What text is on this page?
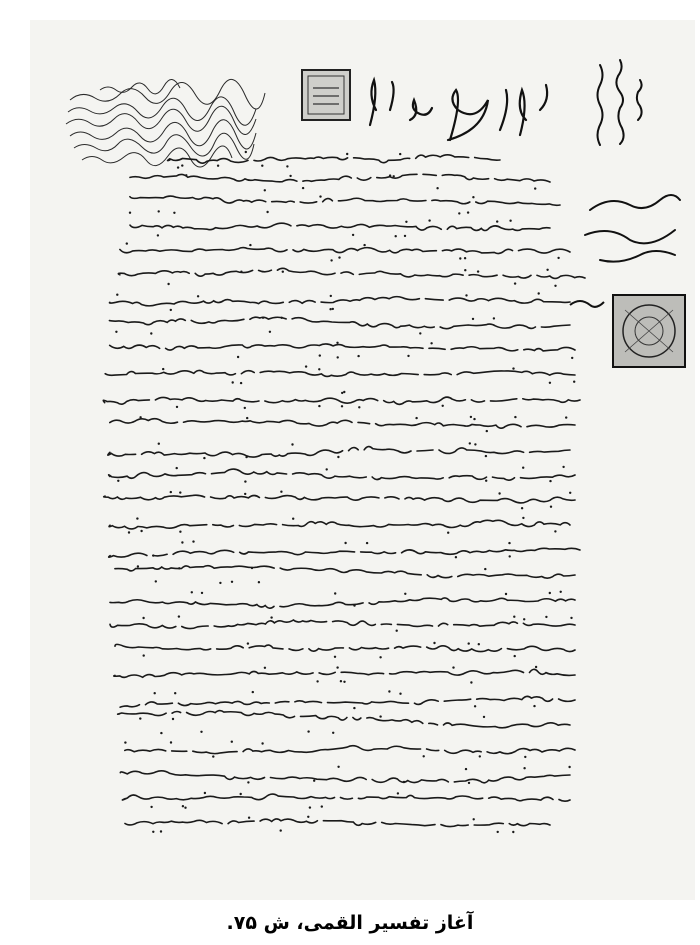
آغاز تفسیر القمی، ش ۷۵.
